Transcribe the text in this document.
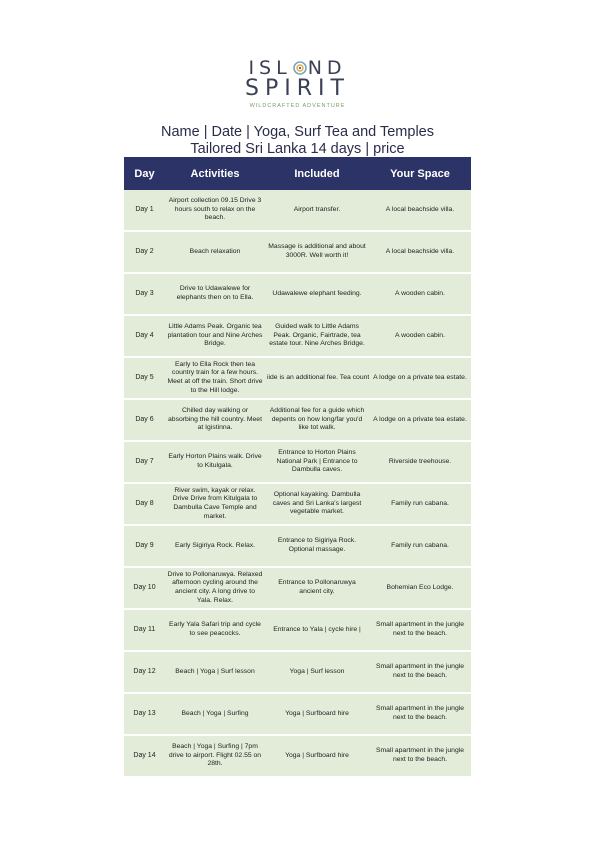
ISL ND
SPIRIT
WILDCRAFTED ADVENTURE
Name | Date | Yoga, Surf Tea and Temples
Tailored Sri Lanka 14 days | price
Day	Activities	Included	Your Space
Day 1	Airport collection 09.15 Drive 3 hours south to relax on the beach.	Airport transfer.	A local beachside villa.
Day 2	Beach relaxation	Massage is additional and about 3000R. Well worth it!	A local beachside villa.
Day 3	Drive to Udawalewe for elephants then on to Ella.	Udawalewe elephant feeding.	A wooden cabin.
Day 4	Little Adams Peak. Organic tea plantation tour and Nine Arches Bridge.	Guided walk to Little Adams Peak. Organic, Fairtrade, tea estate tour. Nine Arches Bridge.	A wooden cabin.
Day 5	Early to Ella Rock then tea country train for a few hours. Meet at off the train. Short drive to the Hill lodge.	iide is an additional fee. Tea count	A lodge on a private tea estate.
Day 6	Chilled day walking or absorbing the hill country. Meet at Igistinna.	Additional fee for a guide which depents on how long/far you'd like tot walk.	A lodge on a private tea estate.
Day 7	Early Horton Plains walk. Drive to Kitulgala.	Entrance to Horton Plains National Park | Entrance to Dambulla caves.	Riverside treehouse.
Day 8	River swim, kayak or relax. Drive Drive from Kitulgala to Dambulla Cave Temple and market.	Optional kayaking. Dambulla caves and Sri Lanka's largest vegetable market.	Family run cabana.
Day 9	Early Sigiriya Rock. Relax.	Entrance to Sigiriya Rock. Optional massage.	Family run cabana.
Day 10	Drive to Pollonaruwya. Relaxed afternoon cycling around the ancient city. A long drive to Yala. Relax.	Entrance to Pollonaruwya ancient city.	Bohemian Eco Lodge.
Day 11	Early Yala Safari trip and cycle to see peacocks.	Entrance to Yala | cycle hire |	Small apartment in the jungle next to the beach.
Day 12	Beach | Yoga | Surf lesson	Yoga | Surf lesson	Small apartment in the jungle next to the beach.
Day 13	Beach | Yoga | Surfing	Yoga | Surfboard hire	Small apartment in the jungle next to the beach.
Day 14	Beach | Yoga | Surfing | 7pm drive to airport. Flight 02.55 on 28th.	Yoga | Surfboard hire	Small apartment in the jungle next to the beach.
